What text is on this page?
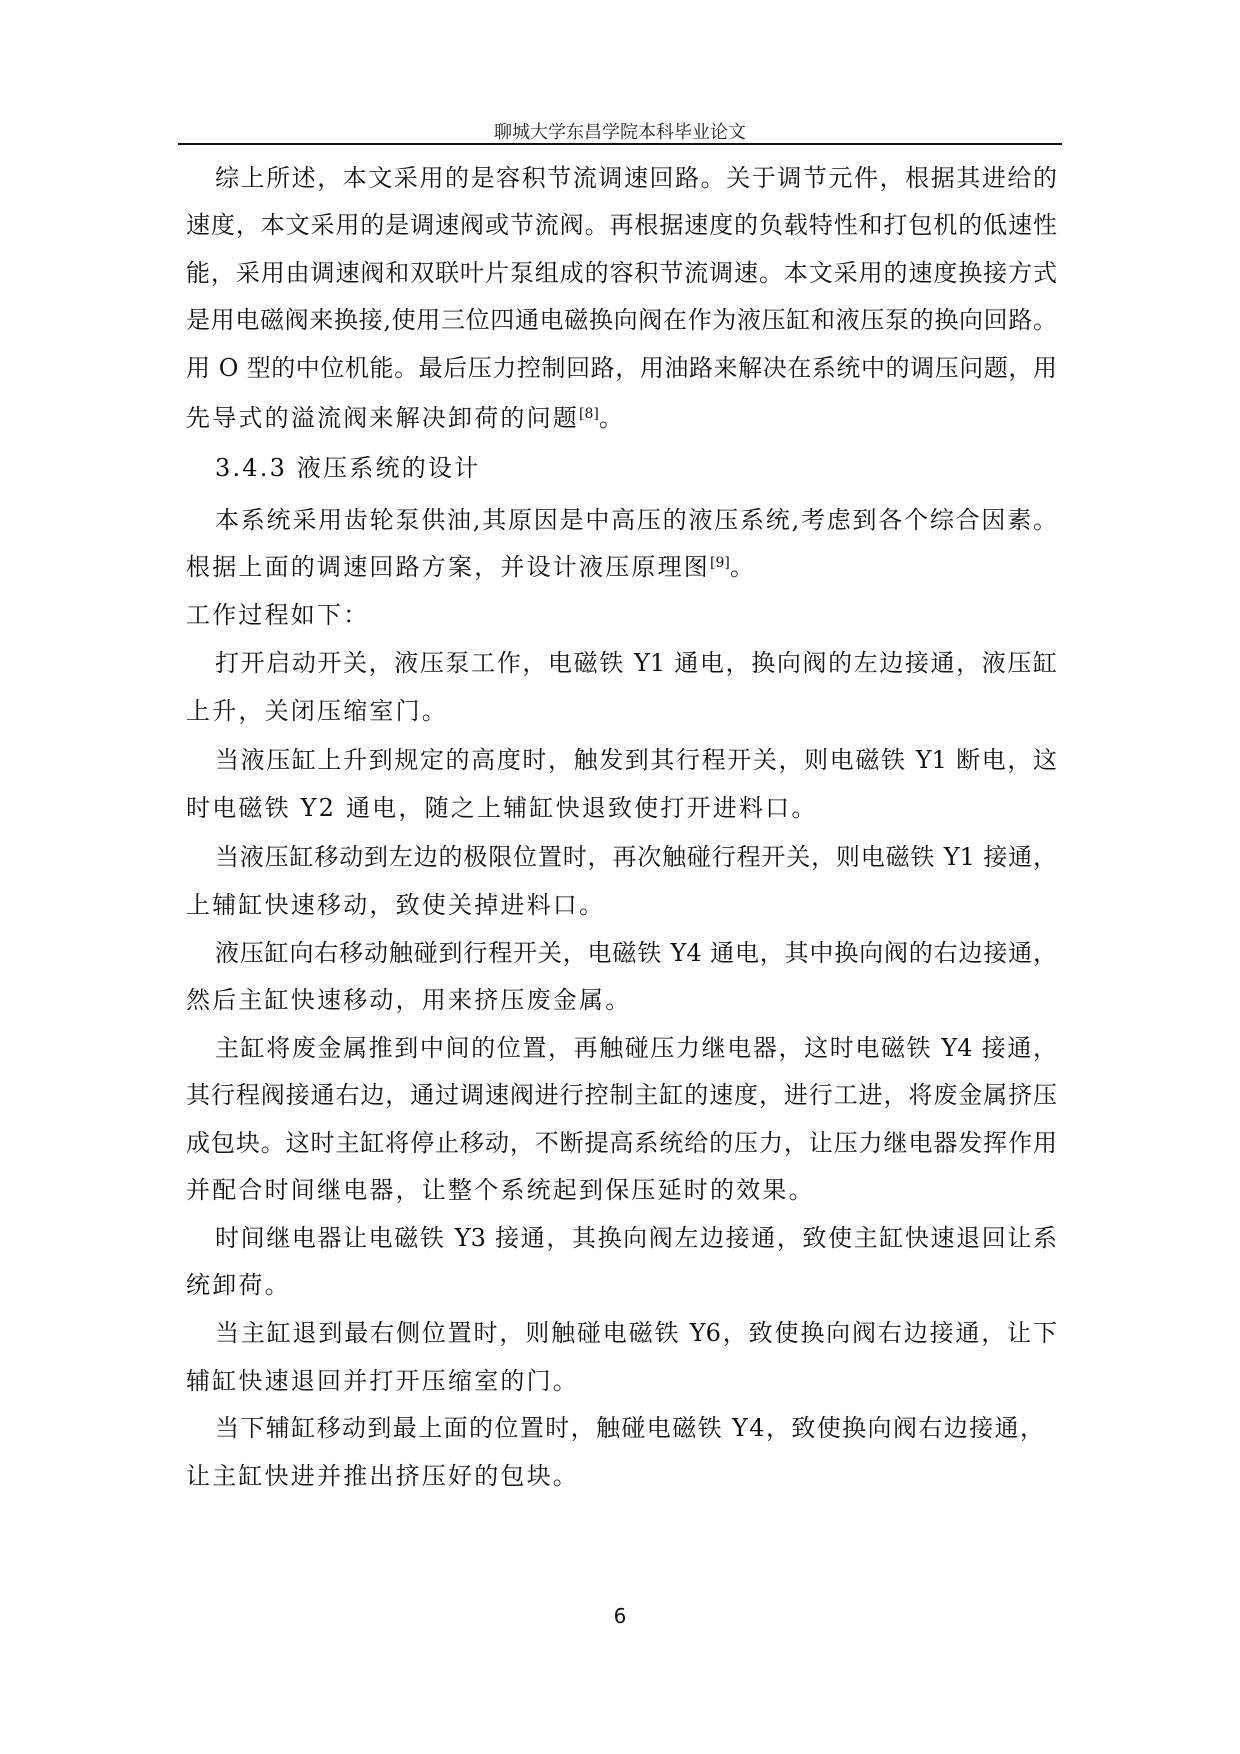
聊城大学东昌学院本科毕业论文
综上所述，本文采用的是容积节流调速回路。关于调节元件，根据其进给的
速度，本文采用的是调速阀或节流阀。再根据速度的负载特性和打包机的低速性
能，采用由调速阀和双联叶片泵组成的容积节流调速。本文采用的速度换接方式
是用电磁阀来换接,使用三位四通电磁换向阀在作为液压缸和液压泵的换向回路。
用 O 型的中位机能。最后压力控制回路，用油路来解决在系统中的调压问题，用
先导式的溢流阀来解决卸荷的问题[8]。
3.4.3 液压系统的设计
本系统采用齿轮泵供油,其原因是中高压的液压系统,考虑到各个综合因素。
根据上面的调速回路方案，并设计液压原理图[9]。
工作过程如下：
打开启动开关，液压泵工作，电磁铁 Y1 通电，换向阀的左边接通，液压缸
上升，关闭压缩室门。
当液压缸上升到规定的高度时，触发到其行程开关，则电磁铁 Y1 断电，这
时电磁铁 Y2 通电，随之上辅缸快退致使打开进料口。
当液压缸移动到左边的极限位置时，再次触碰行程开关，则电磁铁 Y1 接通，
上辅缸快速移动，致使关掉进料口。
液压缸向右移动触碰到行程开关，电磁铁 Y4 通电，其中换向阀的右边接通，
然后主缸快速移动，用来挤压废金属。
主缸将废金属推到中间的位置，再触碰压力继电器，这时电磁铁 Y4 接通，
其行程阀接通右边，通过调速阀进行控制主缸的速度，进行工进，将废金属挤压
成包块。这时主缸将停止移动，不断提高系统给的压力，让压力继电器发挥作用
并配合时间继电器，让整个系统起到保压延时的效果。
时间继电器让电磁铁 Y3 接通，其换向阀左边接通，致使主缸快速退回让系
统卸荷。
当主缸退到最右侧位置时，则触碰电磁铁 Y6，致使换向阀右边接通，让下
辅缸快速退回并打开压缩室的门。
当下辅缸移动到最上面的位置时，触碰电磁铁 Y4，致使换向阀右边接通，
让主缸快进并推出挤压好的包块。
6
